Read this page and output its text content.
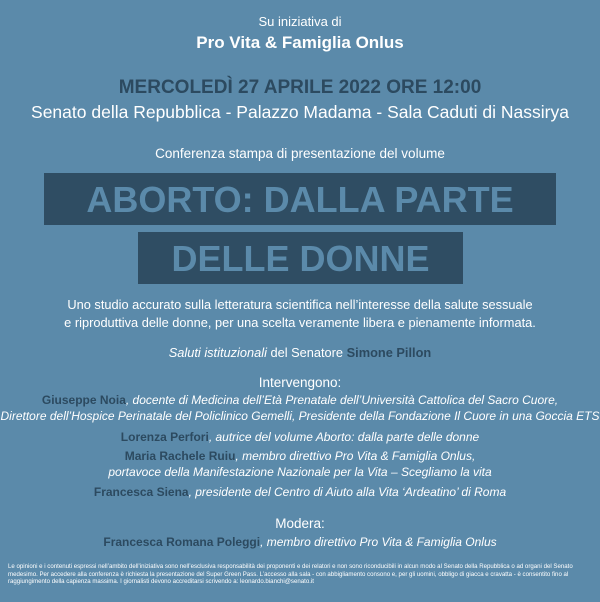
Su iniziativa di
Pro Vita & Famiglia Onlus
MERCOLEDÌ 27 APRILE 2022 ORE 12:00
Senato della Repubblica - Palazzo Madama - Sala Caduti di Nassirya
Conferenza stampa di presentazione del volume
ABORTO: DALLA PARTE
DELLE DONNE
Uno studio accurato sulla letteratura scientifica nell’interesse della salute sessuale
e riproduttiva delle donne, per una scelta veramente libera e pienamente informata.
Saluti istituzionali del Senatore Simone Pillon
Intervengono:
Giuseppe Noia, docente di Medicina dell’Età Prenatale dell’Università Cattolica del Sacro Cuore,
Direttore dell’Hospice Perinatale del Policlinico Gemelli, Presidente della Fondazione Il Cuore in una Goccia ETS
Lorenza Perfori, autrice del volume Aborto: dalla parte delle donne
Maria Rachele Ruiu, membro direttivo Pro Vita & Famiglia Onlus,
portavoce della Manifestazione Nazionale per la Vita – Scegliamo la vita
Francesca Siena, presidente del Centro di Aiuto alla Vita ‘Ardeatino’ di Roma
Modera:
Francesca Romana Poleggi, membro direttivo Pro Vita & Famiglia Onlus
Le opinioni e i contenuti espressi nell’ambito dell’iniziativa sono nell’esclusiva responsabilità dei proponenti e dei relatori e non sono riconducibili in alcun modo al Senato della Repubblica o ad organi del Senato medesimo. Per accedere alla conferenza è richiesta la presentazione del Super Green Pass. L’accesso alla sala - con abbigliamento consono e, per gli uomini, obbligo di giacca e cravatta - è consentito fino al raggiungimento della capienza massima. I giornalisti devono accreditarsi scrivendo a: leonardo.bianchi@senato.it
